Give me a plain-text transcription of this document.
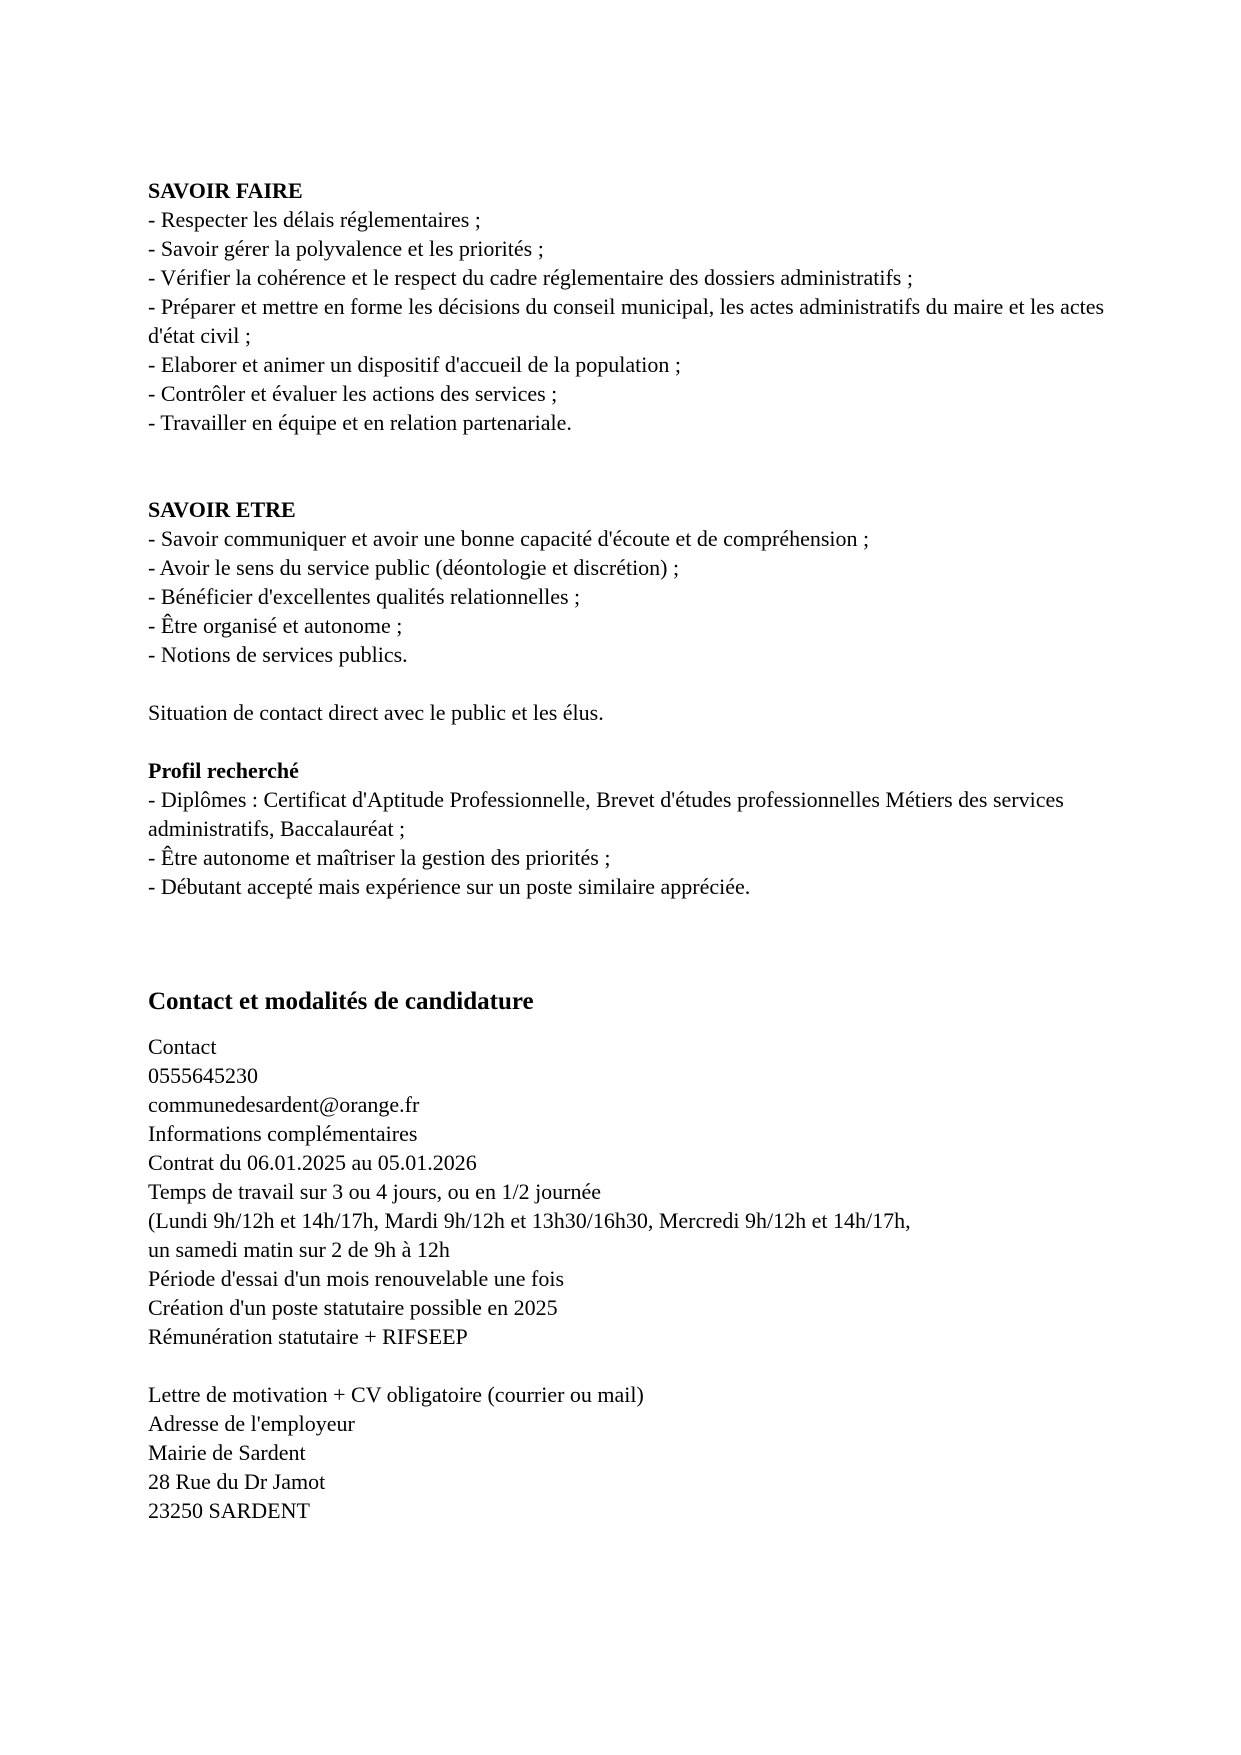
SAVOIR FAIRE
- Respecter les délais réglementaires ;
- Savoir gérer la polyvalence et les priorités ;
- Vérifier la cohérence et le respect du cadre réglementaire des dossiers administratifs ;
- Préparer et mettre en forme les décisions du conseil municipal, les actes administratifs du maire et les actes d'état civil ;
- Elaborer et animer un dispositif d'accueil de la population ;
- Contrôler et évaluer les actions des services ;
- Travailler en équipe et en relation partenariale.
SAVOIR ETRE
- Savoir communiquer et avoir une bonne capacité d'écoute et de compréhension ;
- Avoir le sens du service public (déontologie et discrétion) ;
- Bénéficier d'excellentes qualités relationnelles ;
- Être organisé et autonome ;
- Notions de services publics.
Situation de contact direct avec le public et les élus.
Profil recherché
- Diplômes : Certificat d'Aptitude Professionnelle, Brevet d'études professionnelles Métiers des services administratifs, Baccalauréat ;
- Être autonome et maîtriser la gestion des priorités ;
- Débutant accepté mais expérience sur un poste similaire appréciée.
Contact et modalités de candidature
Contact
0555645230
communedesardent@orange.fr
Informations complémentaires
Contrat du 06.01.2025 au 05.01.2026
Temps de travail sur 3 ou 4 jours, ou en 1/2 journée
(Lundi 9h/12h et 14h/17h, Mardi 9h/12h et 13h30/16h30, Mercredi 9h/12h et 14h/17h,
un samedi matin sur 2 de 9h à 12h
Période d'essai d'un mois renouvelable une fois
Création d'un poste statutaire possible en 2025
Rémunération statutaire + RIFSEEP
Lettre de motivation + CV obligatoire (courrier ou mail)
Adresse de l'employeur
Mairie de Sardent
28 Rue du Dr Jamot
23250 SARDENT
